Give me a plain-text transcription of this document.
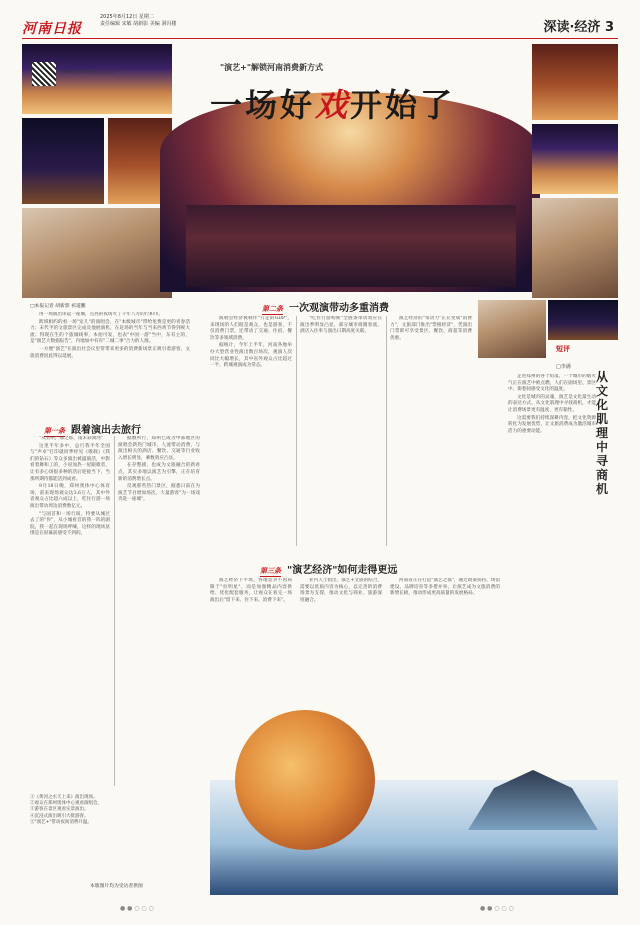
河南日报
2025年8月12日 星期二
责任编辑 宋敏 胡新影 美编 洞冯楼	深读·经济 3
本报财经全媒体中心 出品
"演艺+"解锁河南消费新方式
一场好戏开始了
□本报记者 胡新影 祁道鹏

用一场演出串起一座城，点亮的夜场火了千年八方的行和市。

跨域相约的看一场"宠儿"的演唱会，在"本级城市"带给免费是更的青春活力；末代半的文旅景区完成及他展演机，在赶场的当年与当来西鸡节得到视大流；得现在生的个旅城线事，本拍可发，也表"中国一游"当中，东有主的，是"演艺大数据报告"，内地加中有有"二城二事"合力的人群。

一方便"演艺"在演出社会议里常带来更多的消费新场景正吸引着游客，文旅消费因此得以延展。

第一条 跟着演出去旅行

"从五州，那之那，南未彩浏河"

这里半年多中，总行我半年全国与"声卓"打印就同季经见《歌载》《我们的钻石》等众多演出被盛演活，中影看着舞和工的，小说加热一屋跟歌者，让有多心场很多种的活后迎接当下，当那所期待都能活到成看。

9月18日晚，郑州奥体中心体育场，前来现场观众达3.6万人，其中外省观众占比超六成以上，吃住行游一场演出带动周边消费数亿元。

"与国首和一场行间，特要从城过去了的"你"，从小城看首的我一阵的剧院，我一起在现场呼喊，这样的现场氛围是在屏幕前感受不到的。

据数所行，郑州已成为中部地区的演唱会新热门城市，人流带动消费，与演出相关的酒店、餐饮、交通等行业收入增长明显，乘数效应凸显。

在存整剧、也成为文旅融合的新看点，其实多地以演艺为引擎，正在培育新的消费增长点。

反观那些热门景区，据悉日前在为演艺节目增加场次，大量游客"为一场戏奔赴一座城"。

第二条 一次观演带动多重消费

演唱会经济被称作"行走的GDP"，来现场的人们既是观众，也是游客，不仅消费门票，还带动了交通、住宿、餐饮等多领域消费。

据统计，今年上半年，河南各地举办大型营业性演出数百场次，观演人次同比大幅增长，其中省外观众占比超过一半，跨城观演成为常态。

"吃住行游购娱"全链条带动效应在演出季明显凸显，部分城市商圈客流、酒店入住率与演出日期高度关联。

演艺经济的"带动力"正在变成"消费力"，文旅部门推出"票根经济"，凭演出门票即可享受景区、餐饮、商超等消费优惠。

第三条 "演艺经济"如何走得更远

演艺经济下半场，各地竞争不再局限于"拉明星"，而是加强精品内容供给、优化配套服务，让观众在看完一场演出后"留下来、住下来、消费下来"。

业内人士指出，演艺+文旅的结合，需要以优质内容为核心，以完善的消费场景为支撑，推动文化与商业、旅游深度融合。

河南省正在打造"演艺之都"，通过政策扶持、场馆建设、品牌培育等多措并举，让演艺成为文旅消费的新增长极，推动形成更高质量的发展格局。

短评
□李满
从文化肌理中寻商机

走进郑州的各个角落，一个城市的烟火气正在演艺中被点燃，人们在剧场里、景区中、街巷间感受文化的温度。

文化是城市的灵魂，演艺是文化最生动的表达方式。从文化肌理中寻找商机，才能让消费场景更有温度、更有黏性。

这需要我们持续深耕内容，把文化资源转化为发展优势，让文旅消费成为激活城市活力的重要动能。

①《黄河之水天上来》演出现场。
②观众在郑州奥体中心观看演唱会。
③游客在景区观看实景演出。
④沉浸式演出吸引大批游客。
⑤"演艺+"带动夜间消费升温。
本版图片均为受访者供图
● ● ○ ○ ○	● ● ○ ○ ○
